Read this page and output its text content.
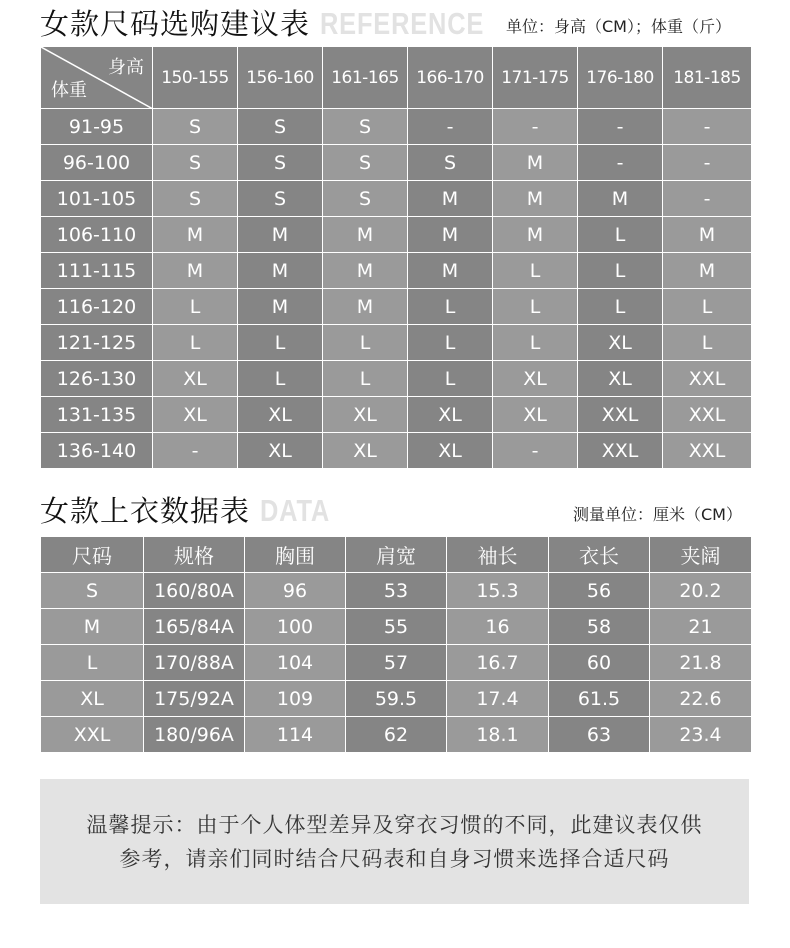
女款尺码选购建议表 REFERENCE 单位：身高（CM）；体重（斤）
身高
体重	150-155	156-160	161-165	166-170	171-175	176-180	181-185
91-95	S	S	S	-	-	-	-
96-100	S	S	S	S	M	-	-
101-105	S	S	S	M	M	M	-
106-110	M	M	M	M	M	L	M
111-115	M	M	M	M	L	L	M
116-120	L	M	M	L	L	L	L
121-125	L	L	L	L	L	XL	L
126-130	XL	L	L	L	XL	XL	XXL
131-135	XL	XL	XL	XL	XL	XXL	XXL
136-140	-	XL	XL	XL	-	XXL	XXL
女款上衣数据表 DATA	测量单位：厘米（CM）
尺码	规格	胸围	肩宽	袖长	衣长	夹阔
S	160/80A	96	53	15.3	56	20.2
M	165/84A	100	55	16	58	21
L	170/88A	104	57	16.7	60	21.8
XL	175/92A	109	59.5	17.4	61.5	22.6
XXL	180/96A	114	62	18.1	63	23.4

温馨提示：由于个人体型差异及穿衣习惯的不同，此建议表仅供
参考，请亲们同时结合尺码表和自身习惯来选择合适尺码
